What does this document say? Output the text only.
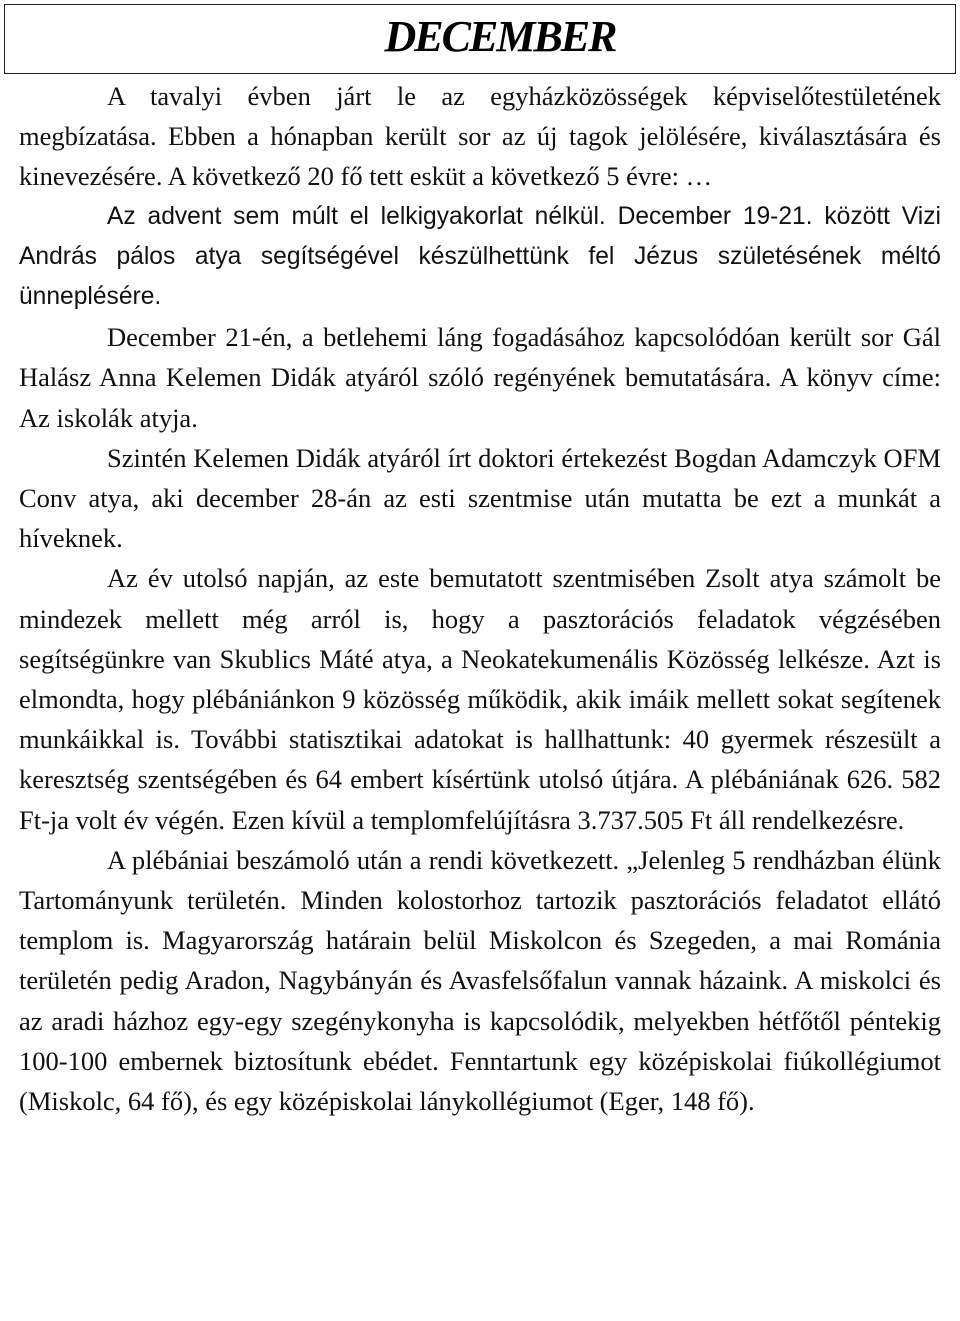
DECEMBER

A tavalyi évben járt le az egyházközösségek képviselőtestületének megbízatása. Ebben a hónapban került sor az új tagok jelölésére, kiválasztására és kinevezésére. A következő 20 fő tett esküt a következő 5 évre: …

Az advent sem múlt el lelkigyakorlat nélkül. December 19-21. között Vizi András pálos atya segítségével készülhettünk fel Jézus születésének méltó ünneplésére.

December 21-én, a betlehemi láng fogadásához kapcsolódóan került sor Gál Halász Anna Kelemen Didák atyáról szóló regényének bemutatására. A könyv címe: Az iskolák atyja.

Szintén Kelemen Didák atyáról írt doktori értekezést Bogdan Adamczyk OFM Conv atya, aki december 28-án az esti szentmise után mutatta be ezt a munkát a híveknek.

Az év utolsó napján, az este bemutatott szentmisében Zsolt atya számolt be mindezek mellett még arról is, hogy a pasztorációs feladatok végzésében segítségünkre van Skublics Máté atya, a Neokatekumenális Közösség lelkésze. Azt is elmondta, hogy plébániánkon 9 közösség működik, akik imáik mellett sokat segítenek munkáikkal is. További statisztikai adatokat is hallhattunk: 40 gyermek részesült a keresztség szentségében és 64 embert kísértünk utolsó útjára. A plébániának 626. 582 Ft-ja volt év végén. Ezen kívül a templomfelújításra 3.737.505 Ft áll rendelkezésre.

A plébániai beszámoló után a rendi következett. „Jelenleg 5 rendházban élünk Tartományunk területén. Minden kolostorhoz tartozik pasztorációs feladatot ellátó templom is. Magyarország határain belül Miskolcon és Szegeden, a mai Románia területén pedig Aradon, Nagybányán és Avasfelsőfalun vannak házaink. A miskolci és az aradi házhoz egy-egy szegénykonyha is kapcsolódik, melyekben hétfőtől péntekig 100-100 embernek biztosítunk ebédet. Fenntartunk egy középiskolai fiúkollégiumot (Miskolc, 64 fő), és egy középiskolai lánykollégiumot (Eger, 148 fő).
